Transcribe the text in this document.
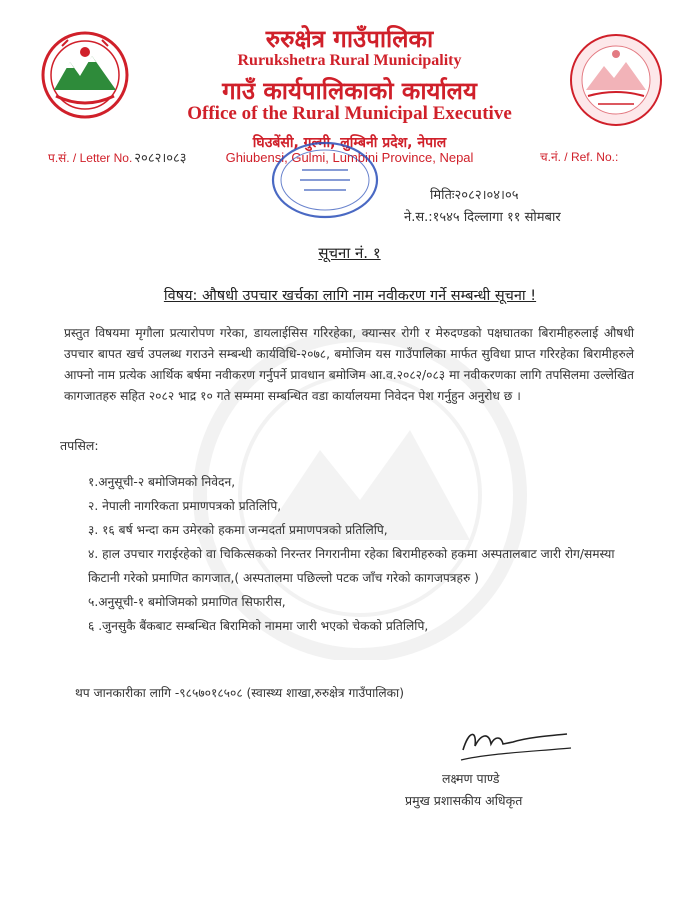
रुरुक्षेत्र गाउँपालिका
Rurukshetra Rural Municipality
गाउँ कार्यपालिकाको कार्यालय
Office of the Rural Municipal Executive
घिउबेंसी, गुल्मी, लुम्बिनी प्रदेश, नेपाल
Ghiubensi, Gulmi, Lumbini Province, Nepal
प.सं. / Letter No. २०८२।०८३	च.नं. / Ref. No.:
मितिः२०८२।०४।०५
ने.स.:१५४५ दिल्लागा ११ सोमबार
सूचना नं. १
विषय: औषधी उपचार खर्चका लागि नाम नवीकरण गर्ने सम्बन्धी सूचना !
प्रस्तुत विषयमा मृगौला प्रत्यारोपण गरेका, डायलाईसिस गरिरहेका, क्यान्सर रोगी र मेरुदण्डको पक्षघातका बिरामीहरुलाई औषधी उपचार बापत खर्च उपलब्ध गराउने सम्बन्धी कार्यविधि-२०७८, बमोजिम यस गाउँपालिका मार्फत सुविधा प्राप्त गरिरहेका बिरामीहरुले आफ्नो नाम प्रत्येक आर्थिक बर्षमा नवीकरण गर्नुपर्ने प्रावधान बमोजिम आ.व.२०८२/०८३ मा नवीकरणका लागि तपसिलमा उल्लेखित कागजातहरु सहित २०८२ भाद्र १० गते सम्ममा सम्बन्धित वडा कार्यालयमा निवेदन पेश गर्नुहुन अनुरोध छ ।
तपसिल:
१.अनुसूची-२ बमोजिमको निवेदन,
२. नेपाली नागरिकता प्रमाणपत्रको प्रतिलिपि,
३. १६ बर्ष भन्दा कम उमेरको हकमा जन्मदर्ता प्रमाणपत्रको प्रतिलिपि,
४. हाल उपचार गराईरहेको वा चिकित्सकको निरन्तर निगरानीमा रहेका बिरामीहरुको हकमा अस्पतालबाट जारी रोग/समस्या किटानी गरेको प्रमाणित कागजात,( अस्पतालमा पछिल्लो पटक जाँच गरेको कागजपत्रहरु )
५.अनुसूची-१ बमोजिमको प्रमाणित सिफारीस,
६ .जुनसुकै बैंकबाट सम्बन्धित बिरामिको नाममा जारी भएको चेकको प्रतिलिपि,
थप जानकारीका लागि -९८५७०१८५०८ (स्वास्थ्य शाखा,रुरुक्षेत्र गाउँपालिका)
लक्ष्मण पाण्डे
प्रमुख प्रशासकीय अधिकृत
